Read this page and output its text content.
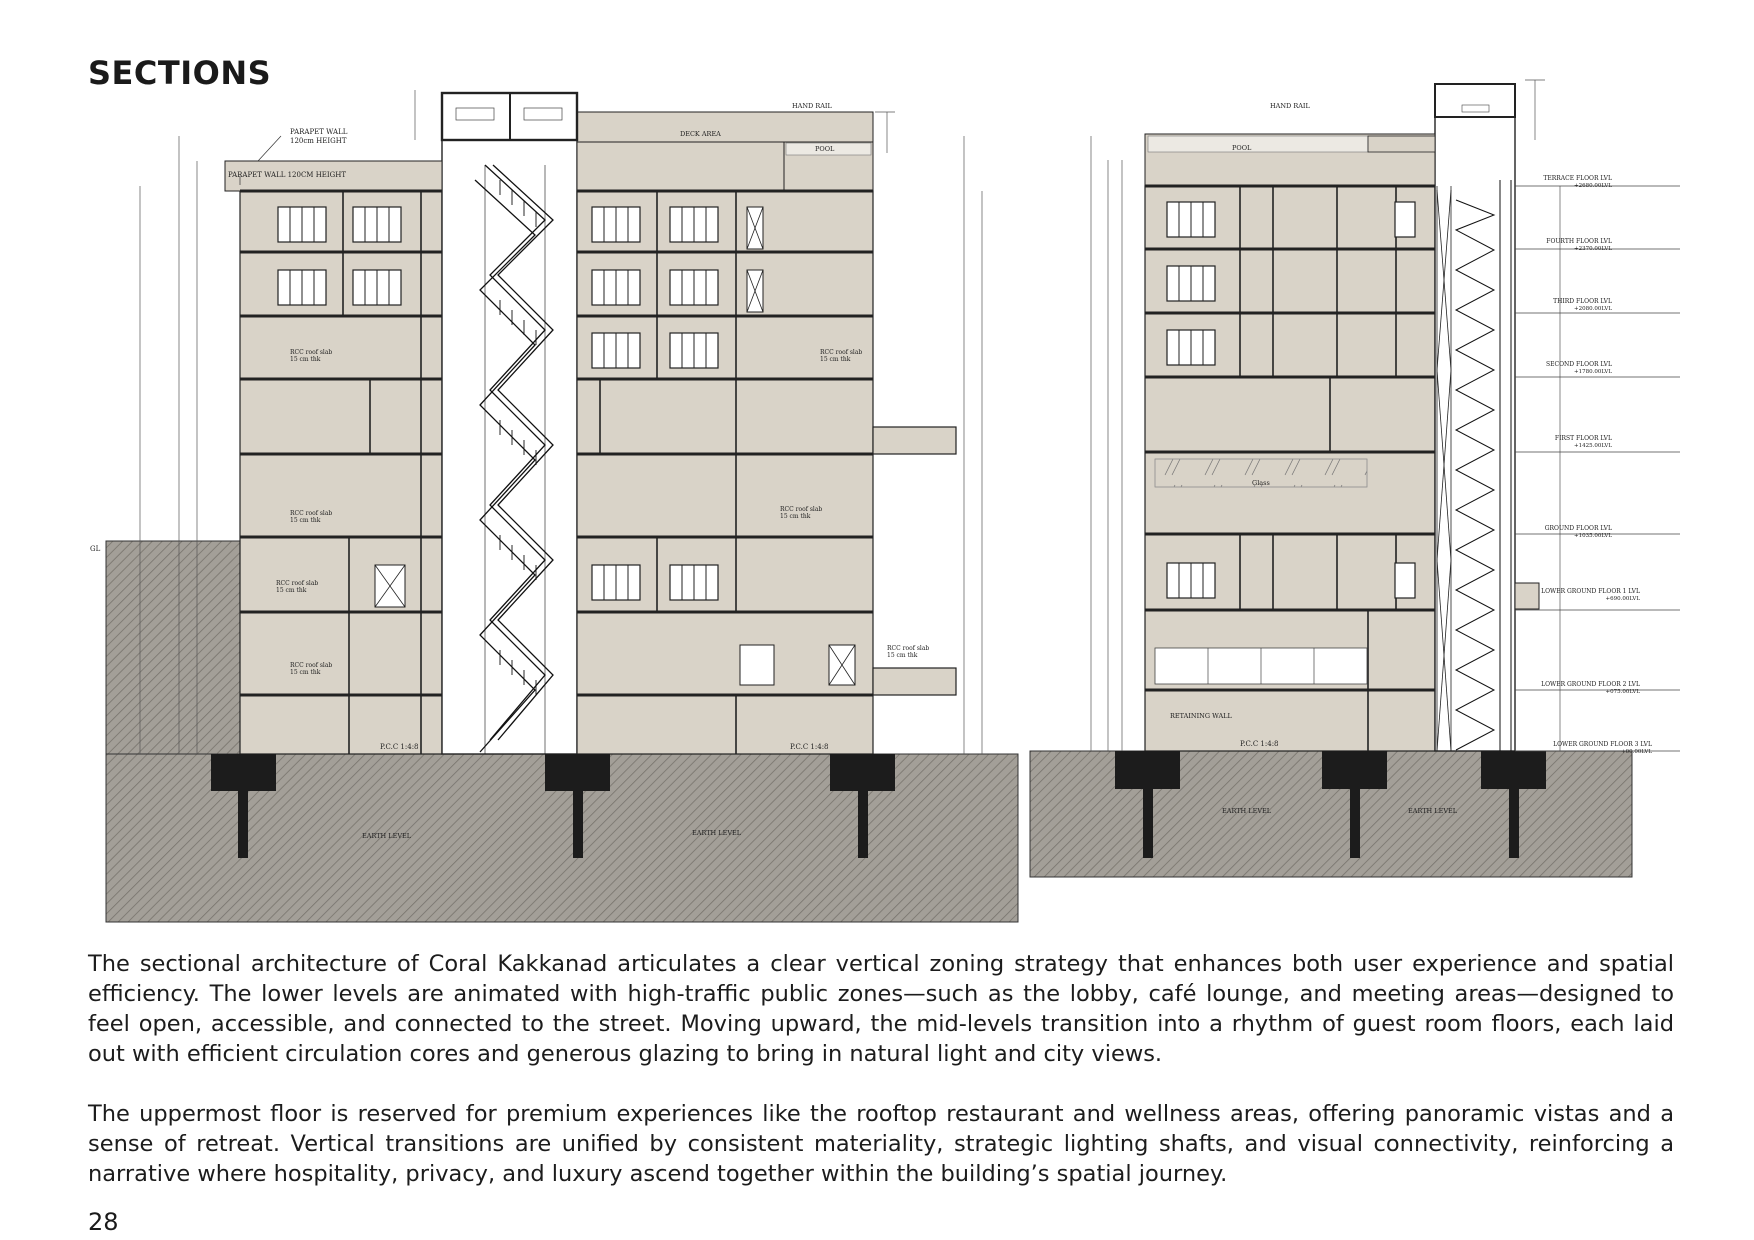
SECTIONS
PARAPET WALL
120cm HEIGHT
PARAPET WALL 120CM HEIGHT
HAND RAIL
DECK AREA
POOL
GL
RCC roof slab
15 cm thk
RCC roof slab
15 cm thk
RCC roof slab
15 cm thk
RCC roof slab
15 cm thk
RCC roof slab
15 cm thk
RCC roof slab
15 cm thk
RCC roof slab
15 cm thk
P.C.C 1:4:8	P.C.C 1:4:8
EARTH LEVEL	EARTH LEVEL
HAND RAIL
POOL
Glass
RETAINING WALL
P.C.C 1:4:8
EARTH LEVEL	EARTH LEVEL
TERRACE FLOOR LVL
+2680.00LVL
FOURTH FLOOR LVL
+2370.00LVL
THIRD FLOOR LVL
+2080.00LVL
SECOND FLOOR LVL
+1780.00LVL
FIRST FLOOR LVL
+1425.00LVL
GROUND FLOOR LVL
+1035.00LVL
LOWER GROUND FLOOR 1 LVL
+690.00LVL
LOWER GROUND FLOOR 2 LVL
+075.00LVL
LOWER GROUND FLOOR 3 LVL
+00.00LVL

The sectional architecture of Coral Kakkanad articulates a clear vertical zoning strategy that enhances both user experience and spatial efficiency. The lower levels are animated with high-traffic public zones—such as the lobby, café lounge, and meeting areas—designed to feel open, accessible, and connected to the street. Moving upward, the mid-levels transition into a rhythm of guest room floors, each laid out with efficient circulation cores and generous glazing to bring in natural light and city views.

The uppermost floor is reserved for premium experiences like the rooftop restaurant and wellness areas, offering panoramic vistas and a sense of retreat. Vertical transitions are unified by consistent materiality, strategic lighting shafts, and visual connectivity, reinforcing a narrative where hospitality, privacy, and luxury ascend together within the building’s spatial journey.

28
